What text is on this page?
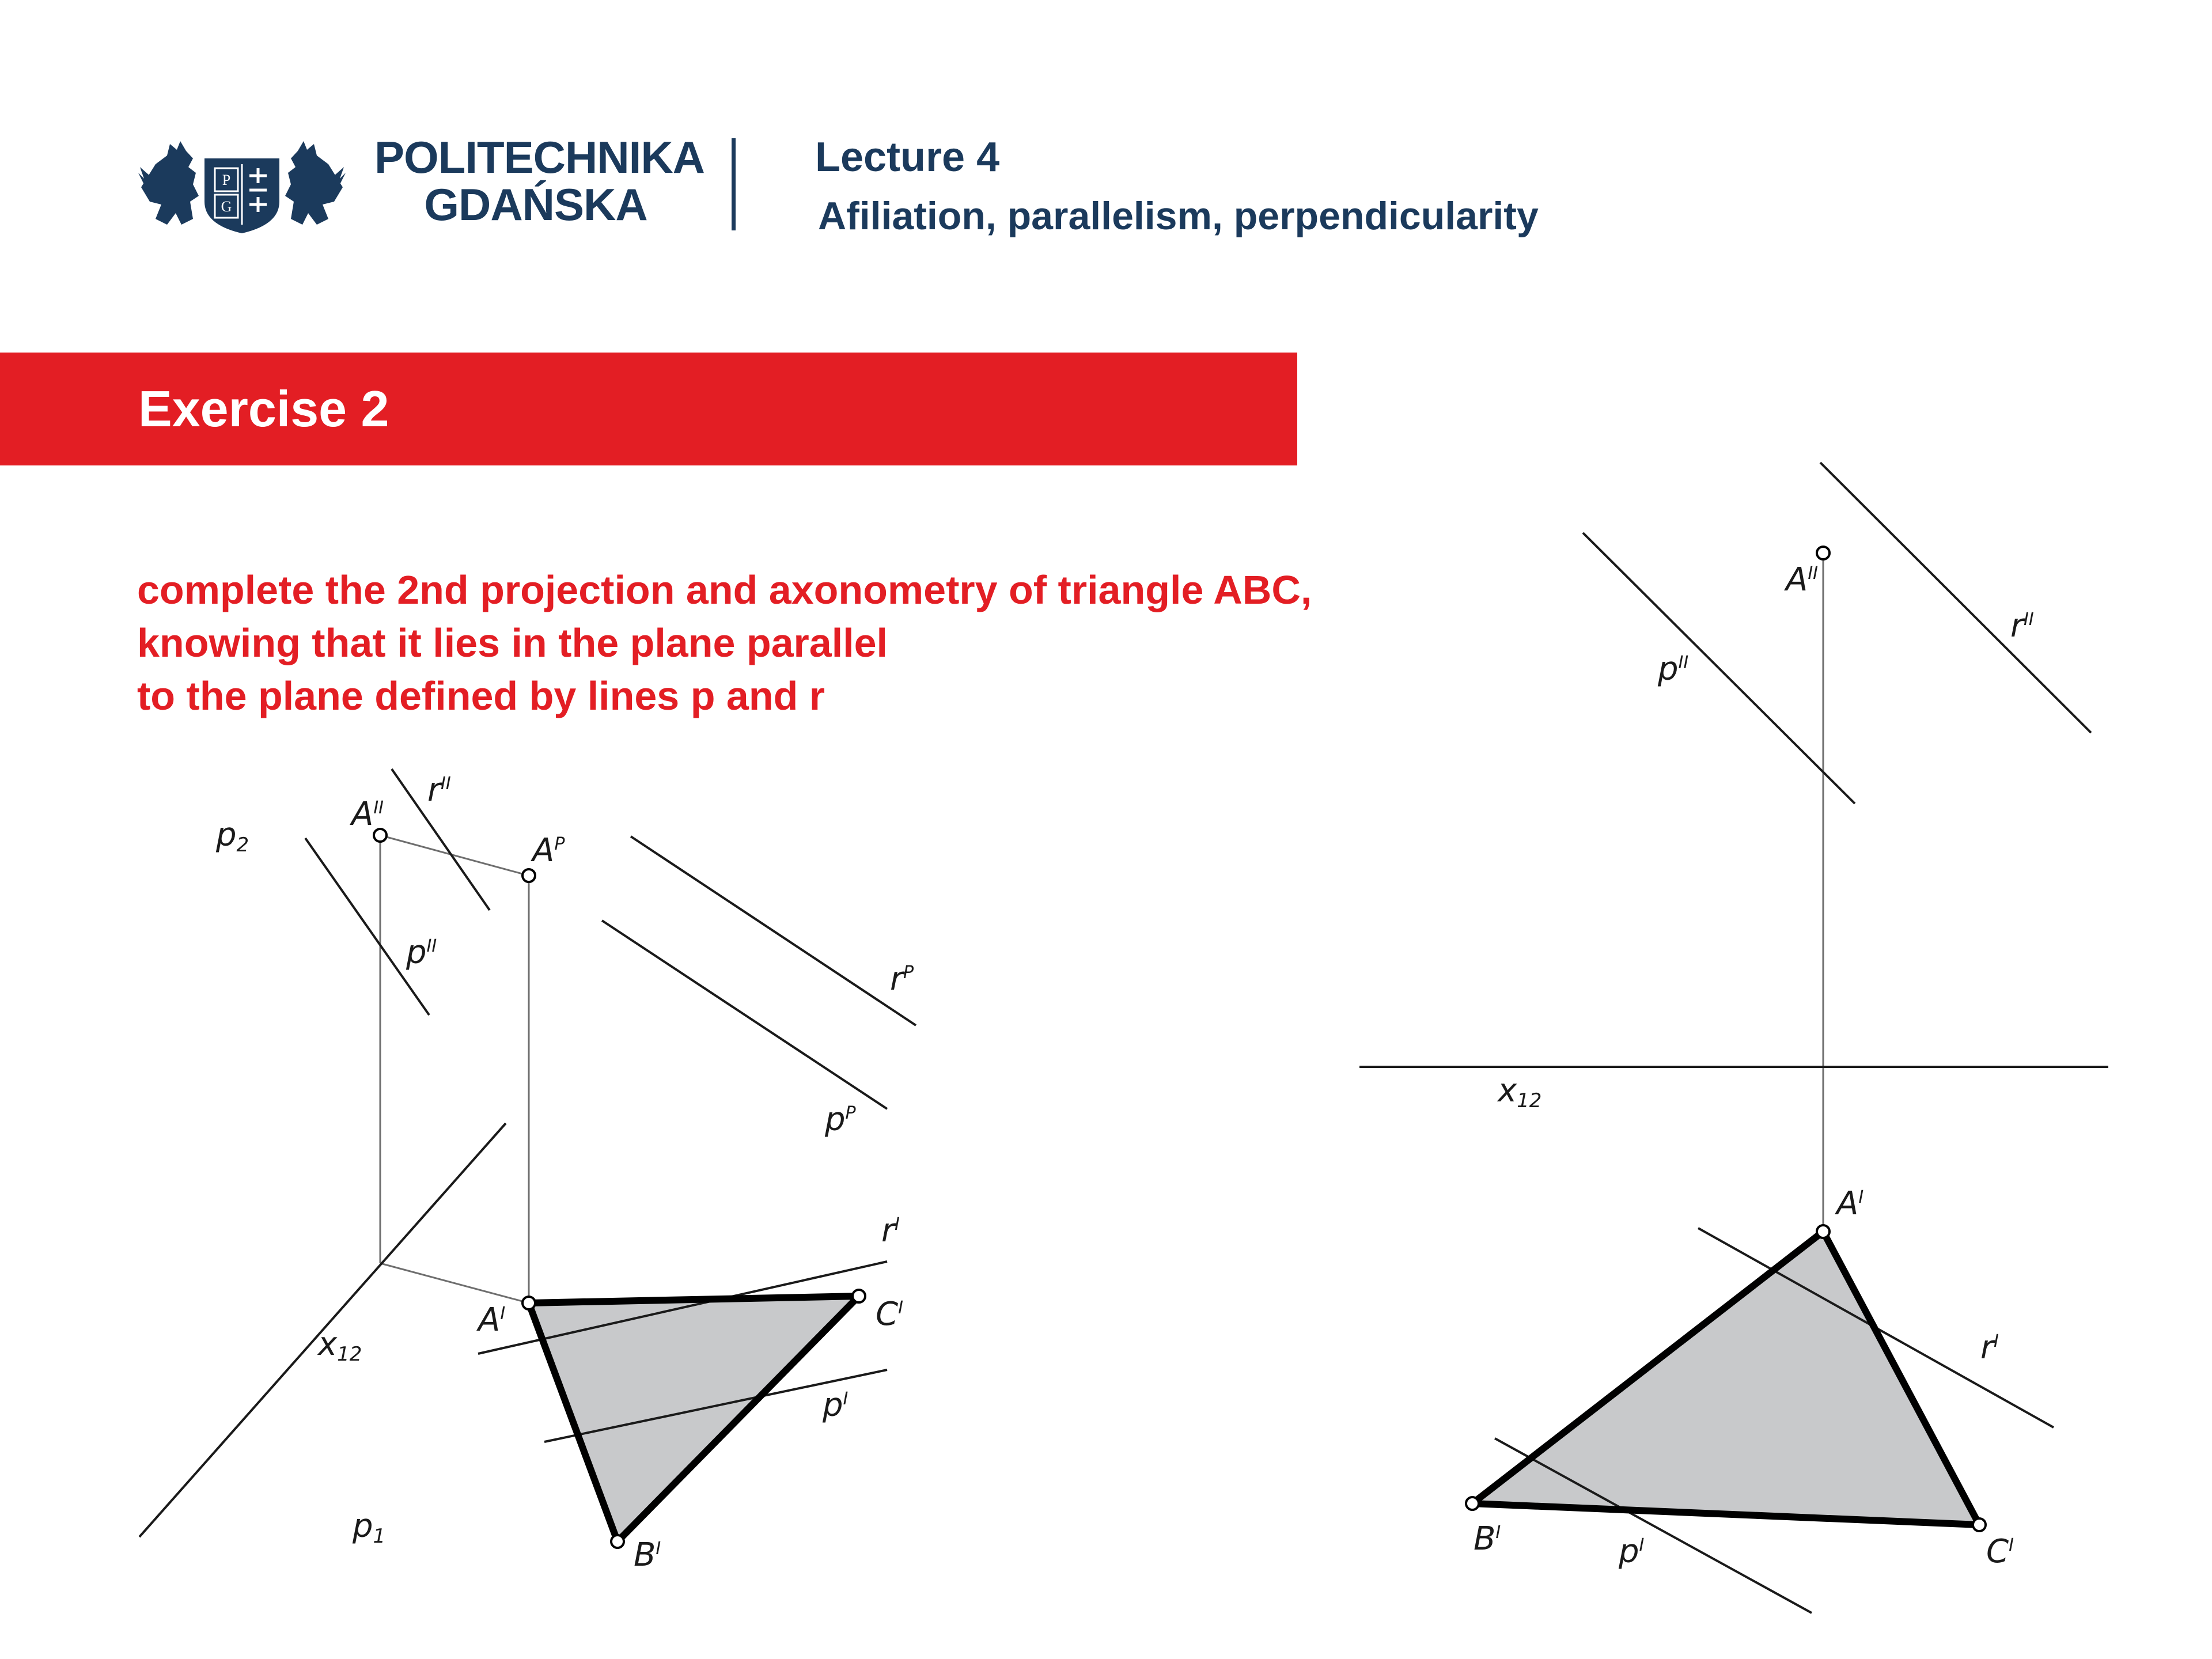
P
G
POLITECHNIKA
GDAŃSKA
Lecture 4
Afiliation, parallelism, perpendicularity
Exercise 2
complete the 2nd projection and axonometry of triangle ABC,
knowing that it lies in the plane parallel
to the plane defined by lines p and r
p2
$A^{II}$ $r^{II}$
$A^P$
$p^{II}$
$r^P$
$p^P$
$r^I$
$A^I$	$C^I$
x12
$p^I$
p1	$B^I$
$A^{II}$
$r^{II}$
$p^{II}$
x12
$A^I$
$r^I$
$B^I$
$p^I$	$C^I$
